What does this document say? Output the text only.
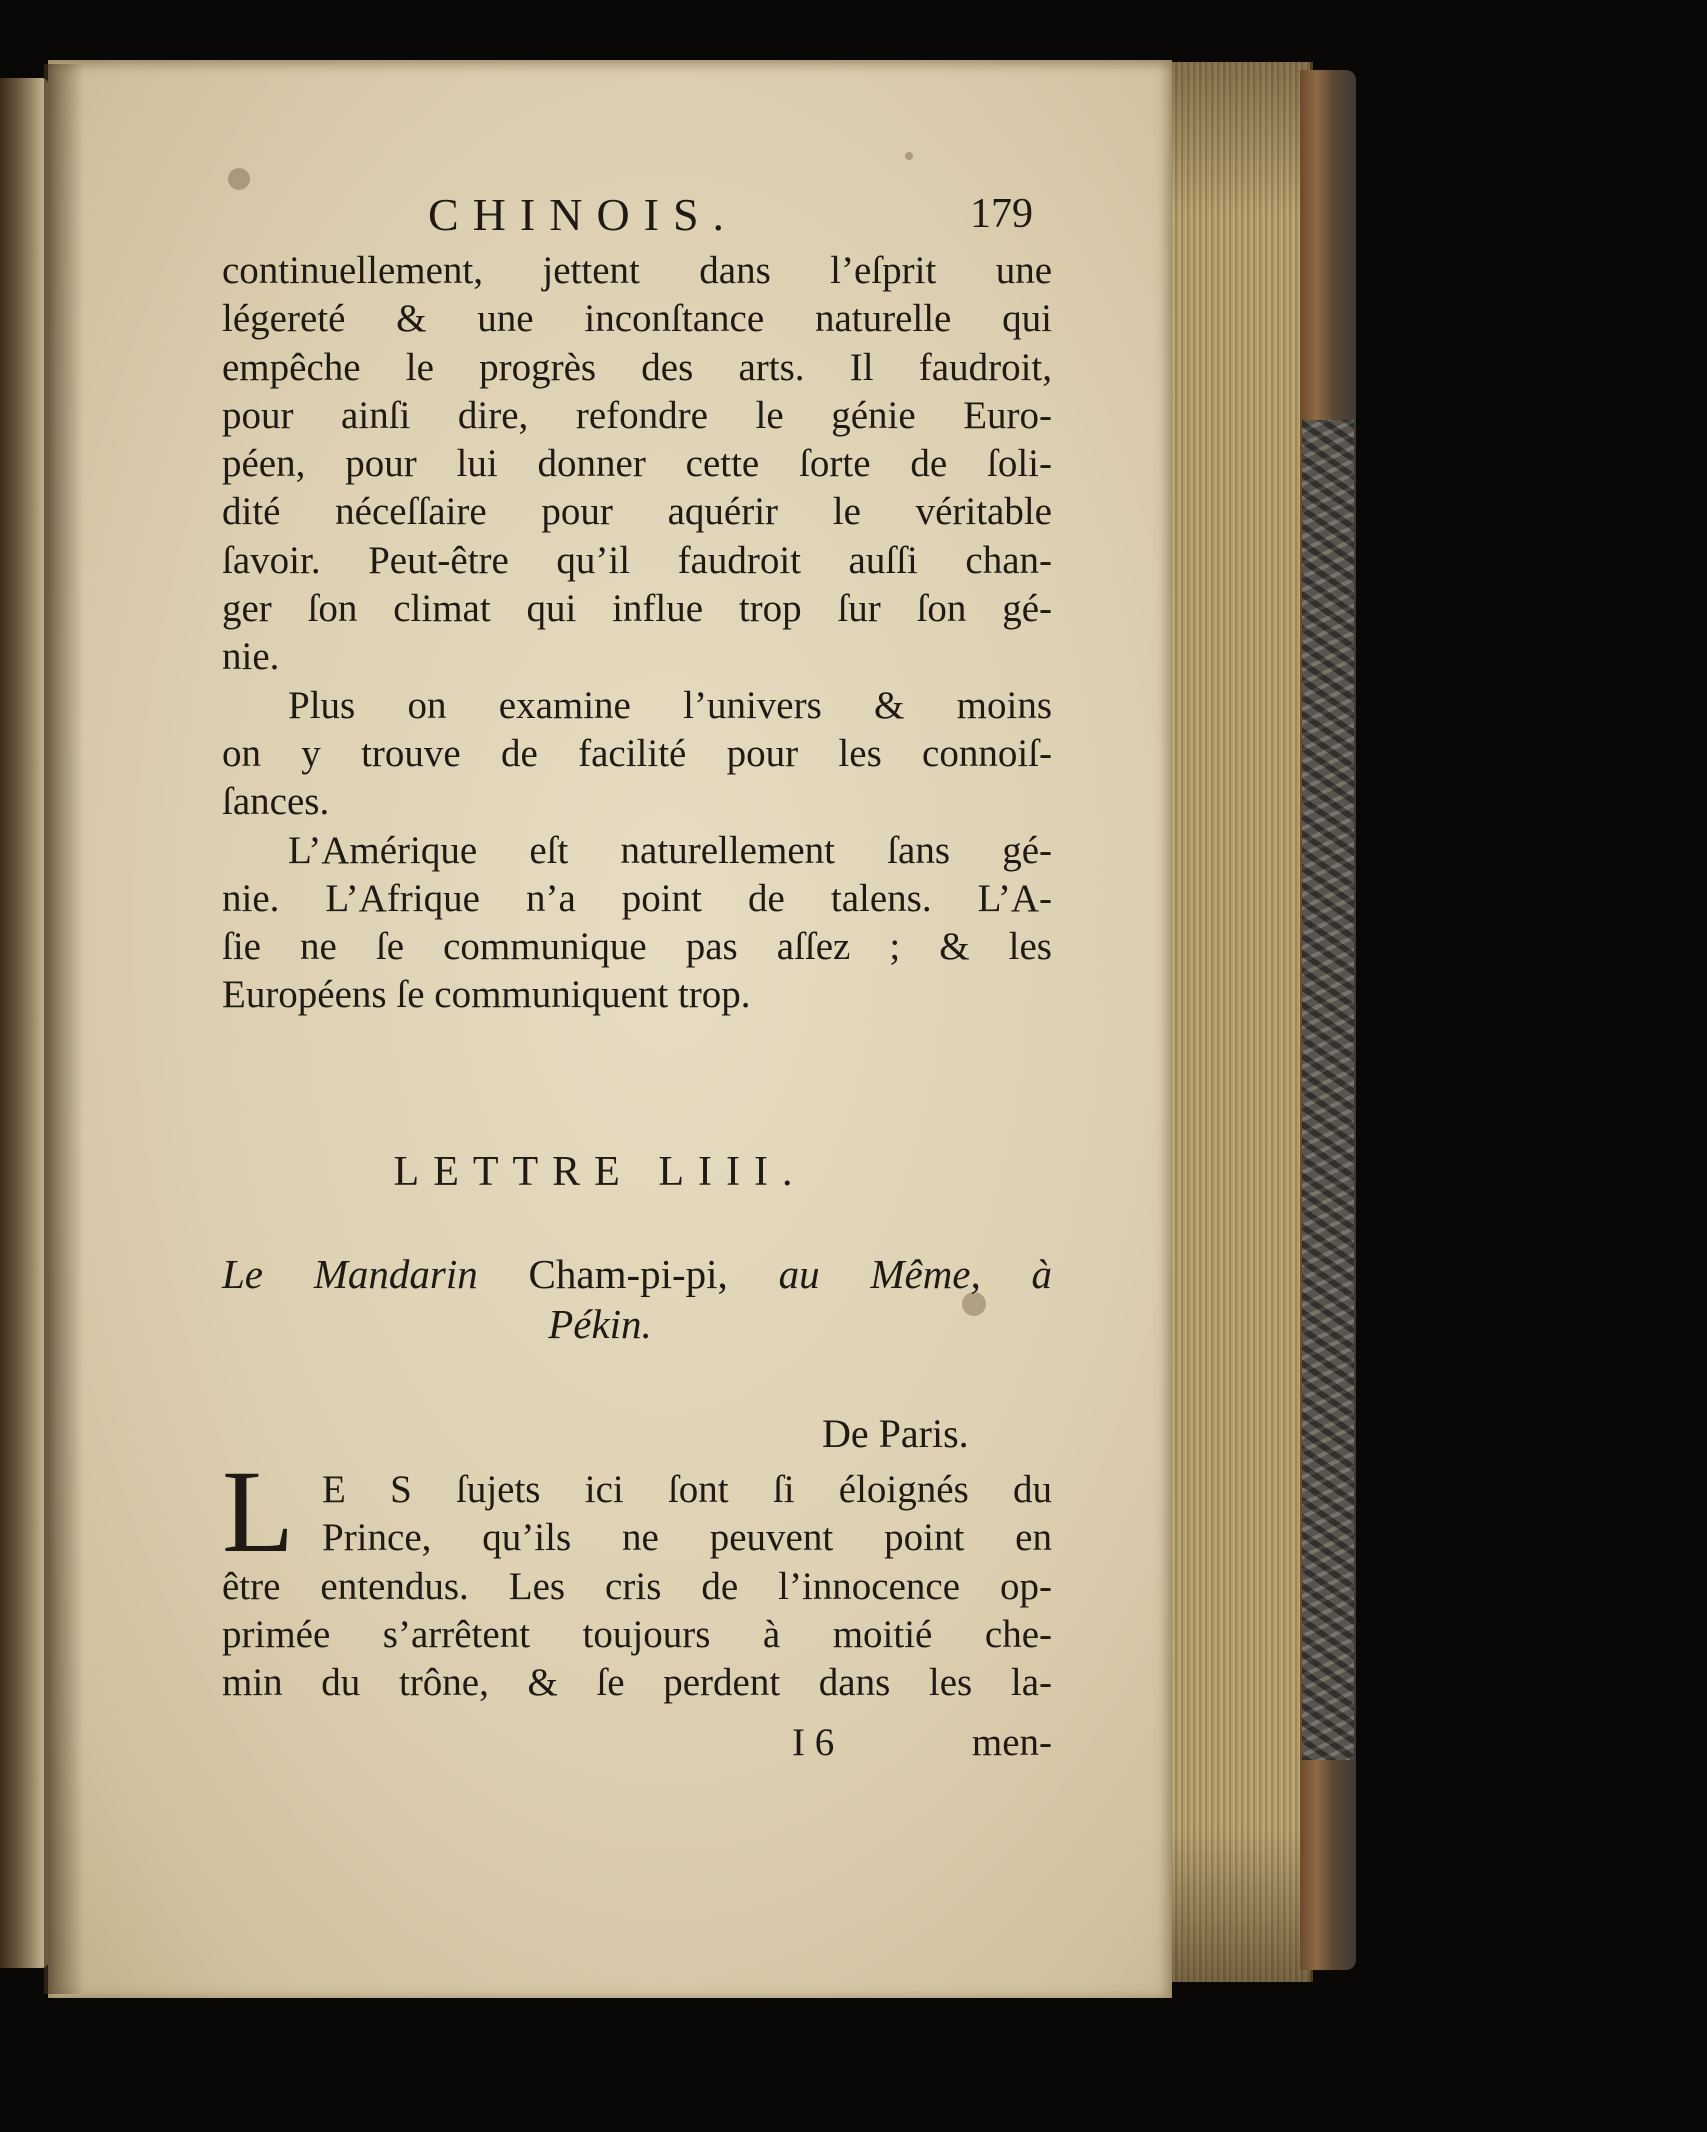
CHINOIS.	179
continuellement, jettent dans l’eſprit une
légereté & une inconſtance naturelle qui
empêche le progrès des arts. Il faudroit,
pour ainſi dire, refondre le génie Euro-
péen, pour lui donner cette ſorte de ſoli-
dité néceſſaire pour aquérir le véritable
ſavoir. Peut-être qu’il faudroit auſſi chan-
ger ſon climat qui influe trop ſur ſon gé-
nie.
Plus on examine l’univers & moins
on y trouve de facilité pour les connoiſ-
ſances.
L’Amérique eſt naturellement ſans gé-
nie. L’Afrique n’a point de talens. L’A-
ſie ne ſe communique pas aſſez ; & les
Européens ſe communiquent trop.
LETTRE LIII.
Le Mandarin Cham-pi-pi, au Même, à
Pékin.
De Paris.
L E S ſujets ici ſont ſi éloignés du
Prince, qu’ils ne peuvent point en
être entendus. Les cris de l’innocence op-
primée s’arrêtent toujours à moitié che-
min du trône, & ſe perdent dans les la-
I 6	men-
